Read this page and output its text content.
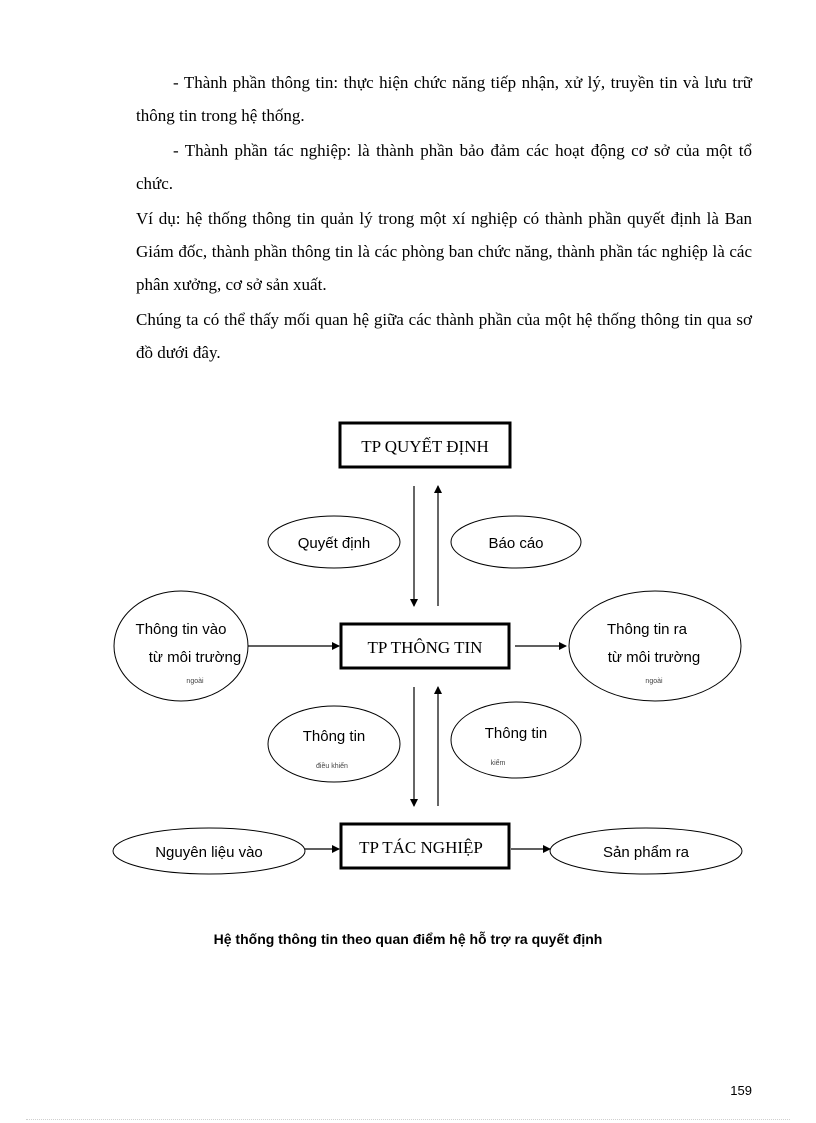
- Thành phần thông tin: thực hiện chức năng tiếp nhận, xử lý, truyền tin và lưu trữ thông tin trong hệ thống.

- Thành phần tác nghiệp: là thành phần bảo đảm các hoạt động cơ sở của một tổ chức.

Ví dụ: hệ thống thông tin quản lý trong một xí nghiệp có thành phần quyết định là Ban Giám đốc, thành phần thông tin là các phòng ban chức năng, thành phần tác nghiệp là các phân xưởng, cơ sở sản xuất.

Chúng ta có thể thấy mối quan hệ giữa các thành phần của một hệ thống thông tin qua sơ đồ dưới đây.

TP QUYẾT ĐỊNH
TP THÔNG TIN
TP TÁC NGHIỆP
Quyết định	Báo cáo
Thông tin vào
từ môi trường
ngoài
Thông tin ra
từ môi trường
ngoài
Thông tin
điều khiển
Thông tin
kiểm
Nguyên liệu vào	Sản phẩm ra
Hệ thống thông tin theo quan điểm hệ hỗ trợ ra quyết định
159
